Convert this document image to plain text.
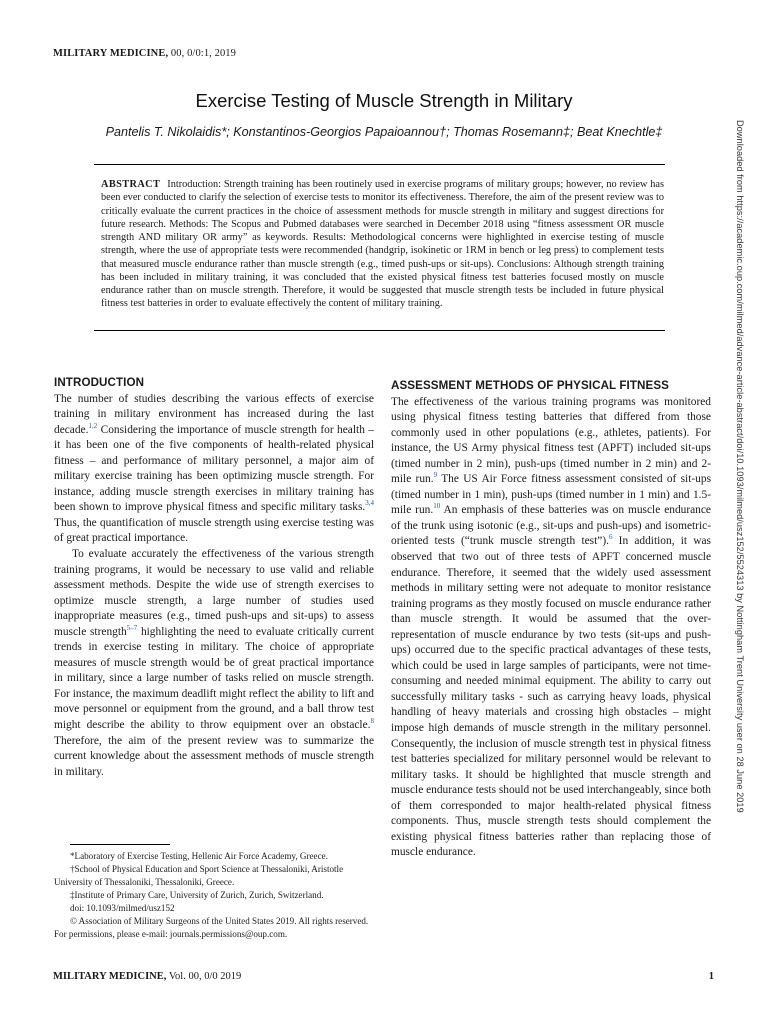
MILITARY MEDICINE, 00, 0/0:1, 2019
Exercise Testing of Muscle Strength in Military
Pantelis T. Nikolaidis*; Konstantinos-Georgios Papaioannou†; Thomas Rosemann‡; Beat Knechtle‡
ABSTRACT Introduction: Strength training has been routinely used in exercise programs of military groups; however, no review has been ever conducted to clarify the selection of exercise tests to monitor its effectiveness. Therefore, the aim of the present review was to critically evaluate the current practices in the choice of assessment methods for muscle strength in military and suggest directions for future research. Methods: The Scopus and Pubmed databases were searched in December 2018 using “fitness assessment OR muscle strength AND military OR army” as keywords. Results: Methodological concerns were highlighted in exercise testing of muscle strength, where the use of appropriate tests were recommended (handgrip, isokinetic or 1RM in bench or leg press) to complement tests that measured muscle endurance rather than muscle strength (e.g., timed push-ups or sit-ups). Conclusions: Although strength training has been included in military training, it was concluded that the existed physical fitness test batteries focused mostly on muscle endurance rather than on muscle strength. Therefore, it would be suggested that muscle strength tests be included in future physical fitness test batteries in order to evaluate effectively the content of military training.
INTRODUCTION

The number of studies describing the various effects of exercise training in military environment has increased during the last decade.$^{1,2}$ Considering the importance of muscle strength for health – it has been one of the five components of health-related physical fitness – and performance of military personnel, a major aim of military exercise training has been optimizing muscle strength. For instance, adding muscle strength exercises in military training has been shown to improve physical fitness and specific military tasks.$^{3,4}$ Thus, the quantification of muscle strength using exercise testing was of great practical importance.

To evaluate accurately the effectiveness of the various strength training programs, it would be necessary to use valid and reliable assessment methods. Despite the wide use of strength exercises to optimize muscle strength, a large number of studies used inappropriate measures (e.g., timed push-ups and sit-ups) to assess muscle strength$^{5-7}$ highlighting the need to evaluate critically current trends in exercise testing in military. The choice of appropriate measures of muscle strength would be of great practical importance in military, since a large number of tasks relied on muscle strength. For instance, the maximum deadlift might reflect the ability to lift and move personnel or equipment from the ground, and a ball throw test might describe the ability to throw equipment over an obstacle.$^8$ Therefore, the aim of the present review was to summarize the current knowledge about the assessment methods of muscle strength in military.

*Laboratory of Exercise Testing, Hellenic Air Force Academy, Greece.

†School of Physical Education and Sport Science at Thessaloniki, Aristotle University of Thessaloniki, Thessaloniki, Greece.

‡Institute of Primary Care, University of Zurich, Zurich, Switzerland.

doi: 10.1093/milmed/usz152

© Association of Military Surgeons of the United States 2019. All rights reserved. For permissions, please e-mail: journals.permissions@oup.com.

ASSESSMENT METHODS OF PHYSICAL FITNESS

The effectiveness of the various training programs was monitored using physical fitness testing batteries that differed from those commonly used in other populations (e.g., athletes, patients). For instance, the US Army physical fitness test (APFT) included sit-ups (timed number in 2 min), push-ups (timed number in 2 min) and 2-mile run.$^9$ The US Air Force fitness assessment consisted of sit-ups (timed number in 1 min), push-ups (timed number in 1 min) and 1.5-mile run.$^{10}$ An emphasis of these batteries was on muscle endurance of the trunk using isotonic (e.g., sit-ups and push-ups) and isometric-oriented tests (“trunk muscle strength test”).$^6$ In addition, it was observed that two out of three tests of APFT concerned muscle endurance. Therefore, it seemed that the widely used assessment methods in military setting were not adequate to monitor resistance training programs as they mostly focused on muscle endurance rather than muscle strength. It would be assumed that the over-representation of muscle endurance by two tests (sit-ups and push-ups) occurred due to the specific practical advantages of these tests, which could be used in large samples of participants, were not time-consuming and needed minimal equipment. The ability to carry out successfully military tasks - such as carrying heavy loads, physical handling of heavy materials and crossing high obstacles – might impose high demands of muscle strength in the military personnel. Consequently, the inclusion of muscle strength test in physical fitness test batteries specialized for military personnel would be relevant to military tasks. It should be highlighted that muscle strength and muscle endurance tests should not be used interchangeably, since both of them corresponded to major health-related physical fitness components. Thus, muscle strength tests should complement the existing physical fitness batteries rather than replacing those of muscle endurance.

MILITARY MEDICINE, Vol. 00, 0/0 2019	1
Downloaded from https://academic.oup.com/milmed/advance-article-abstract/doi/10.1093/milmed/usz152/5524313 by Nottingham Trent University user on 28 June 2019
